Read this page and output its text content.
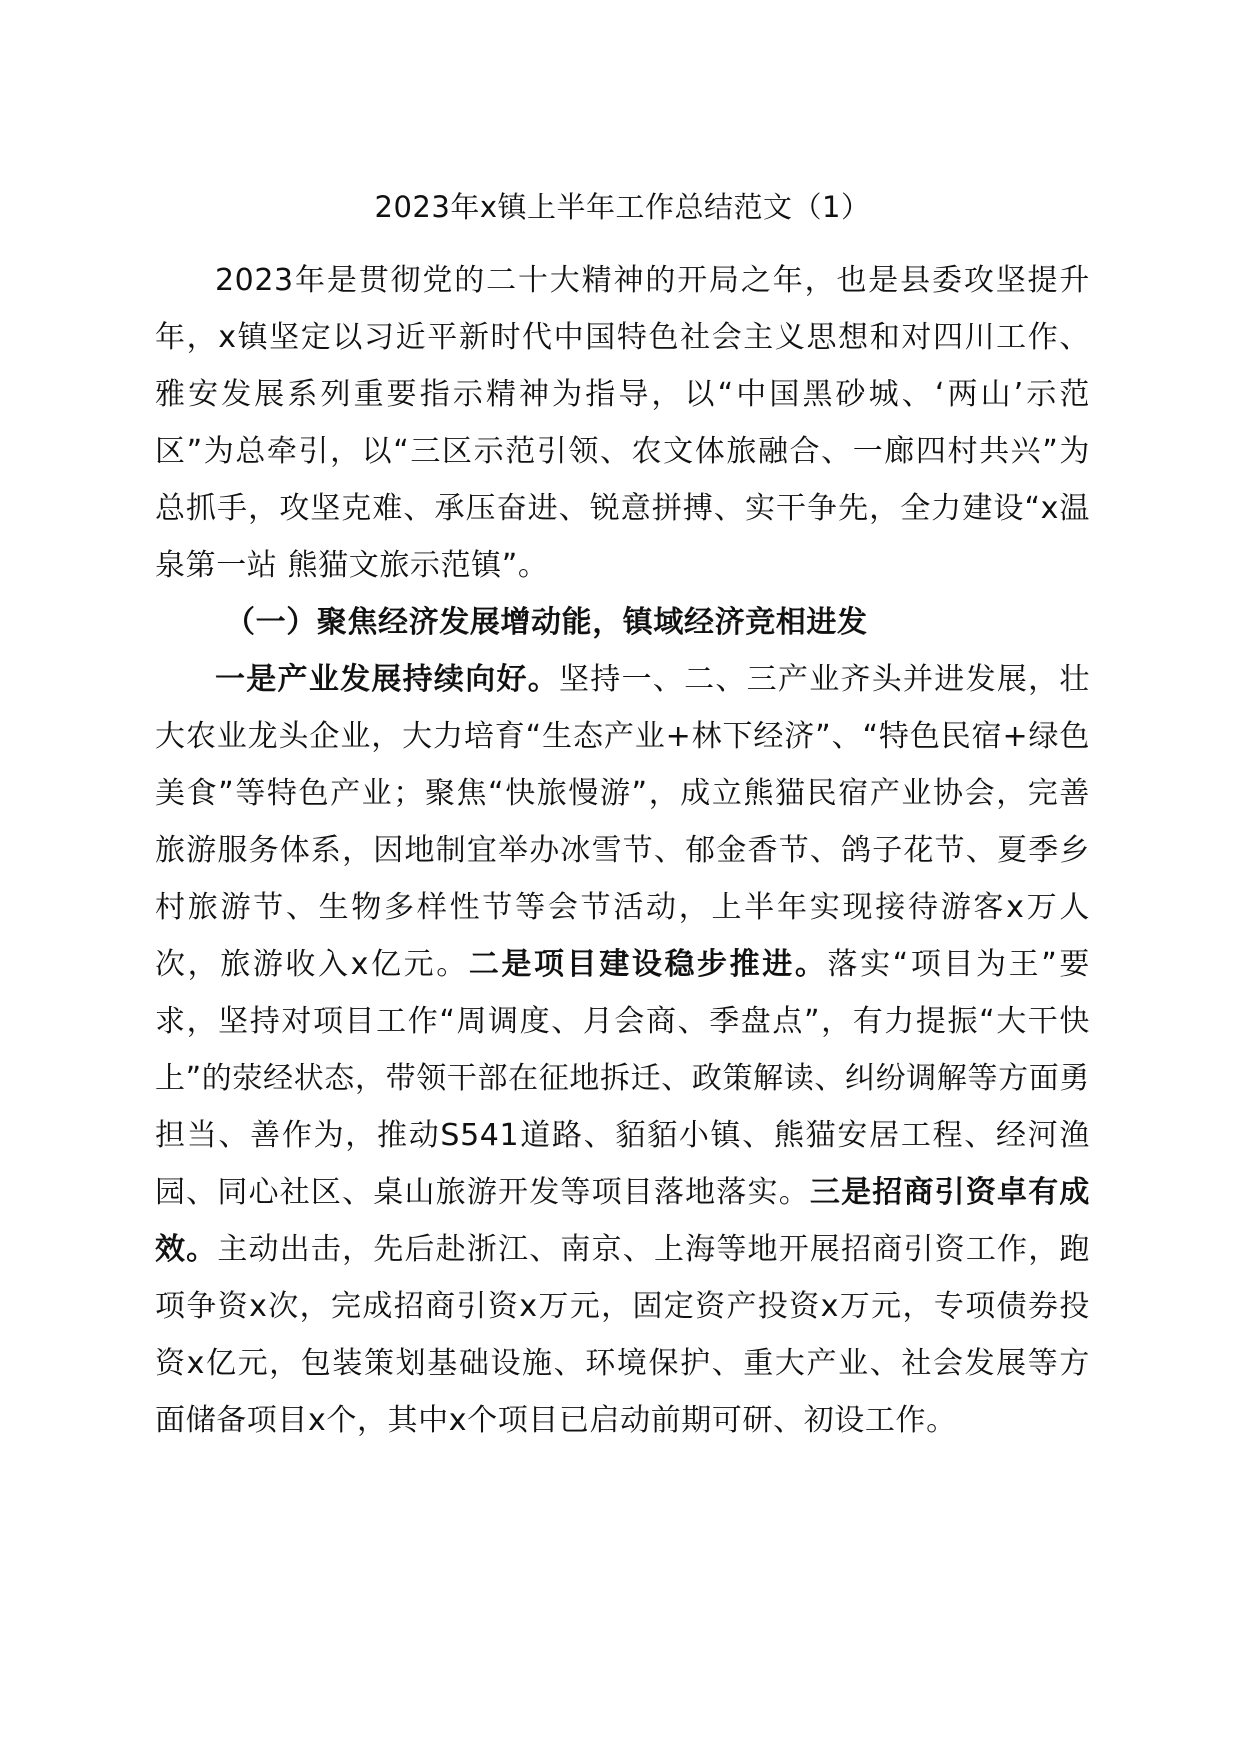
2023年x镇上半年工作总结范文（1）

2023年是贯彻党的二十大精神的开局之年，也是县委攻坚提升年，x镇坚定以习近平新时代中国特色社会主义思想和对四川工作、雅安发展系列重要指示精神为指导，以“中国黑砂城、‘两山’示范区”为总牵引，以“三区示范引领、农文体旅融合、一廊四村共兴”为总抓手，攻坚克难、承压奋进、锐意拼搏、实干争先，全力建设“x温泉第一站 熊猫文旅示范镇”。

（一）聚焦经济发展增动能，镇域经济竞相进发

一是产业发展持续向好。坚持一、二、三产业齐头并进发展，壮大农业龙头企业，大力培育“生态产业+林下经济”、“特色民宿+绿色美食”等特色产业；聚焦“快旅慢游”，成立熊猫民宿产业协会，完善旅游服务体系，因地制宜举办冰雪节、郁金香节、鸽子花节、夏季乡村旅游节、生物多样性节等会节活动，上半年实现接待游客x万人次，旅游收入x亿元。二是项目建设稳步推进。落实“项目为王”要求，坚持对项目工作“周调度、月会商、季盘点”，有力提振“大干快上”的荥经状态，带领干部在征地拆迁、政策解读、纠纷调解等方面勇担当、善作为，推动S541道路、貊貊小镇、熊猫安居工程、经河渔园、同心社区、桌山旅游开发等项目落地落实。三是招商引资卓有成效。主动出击，先后赴浙江、南京、上海等地开展招商引资工作，跑项争资x次，完成招商引资x万元，固定资产投资x万元，专项债券投资x亿元，包装策划基础设施、环境保护、重大产业、社会发展等方面储备项目x个，其中x个项目已启动前期可研、初设工作。
